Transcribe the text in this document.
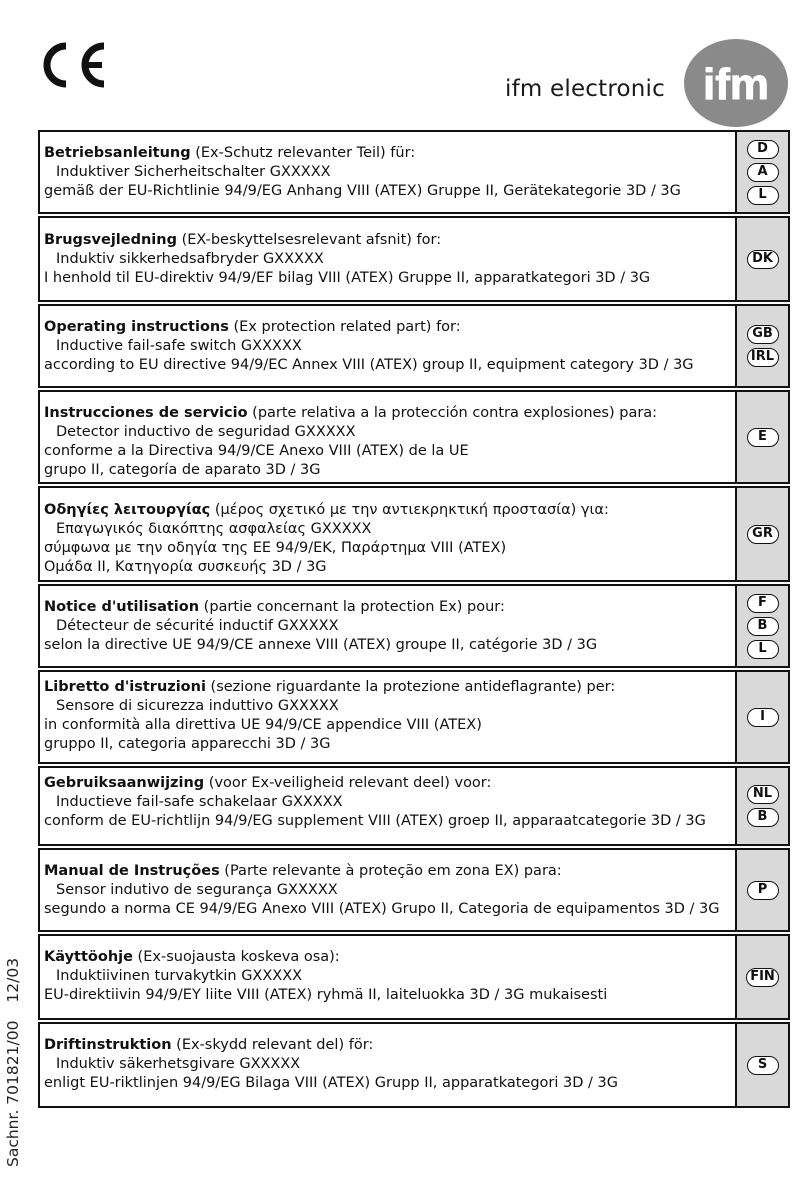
ifm electronic ifm
Sachnr. 701821/0012/03
Betriebsanleitung (Ex-Schutz relevanter Teil) für:
Induktiver Sicherheitschalter GXXXXX
gemäß der EU-Richtlinie 94/9/EG Anhang VIII (ATEX) Gruppe II, Gerätekategorie 3D / 3G
D
A
L
Brugsvejledning (EX-beskyttelsesrelevant afsnit) for:
Induktiv sikkerhedsafbryder GXXXXX
I henhold til EU-direktiv 94/9/EF bilag VIII (ATEX) Gruppe II, apparatkategori 3D / 3G
DK
Operating instructions (Ex protection related part) for:
Inductive fail-safe switch GXXXXX
according to EU directive 94/9/EC Annex VIII (ATEX) group II, equipment category 3D / 3G
GB
IRL
Instrucciones de servicio (parte relativa a la protección contra explosiones) para:
Detector inductivo de seguridad GXXXXX
conforme a la Directiva 94/9/CE Anexo VIII (ATEX) de la UE
grupo II, categoría de aparato 3D / 3G
E
Οδηγίες λειτουργίας (μέρος σχετικό με την αντιεκρηκτική προστασία) για:
Επαγωγικός διακόπτης ασφαλείας GXXXXX
σύμφωνα με την οδηγία της ΕΕ 94/9/ΕΚ, Παράρτημα VIII (ATEX)
Ομάδα II, Κατηγορία συσκευής 3D / 3G
GR
Notice d'utilisation (partie concernant la protection Ex) pour:
Détecteur de sécurité inductif GXXXXX
selon la directive UE 94/9/CE annexe VIII (ATEX) groupe II, catégorie 3D / 3G
F
B
L
Libretto d'istruzioni (sezione riguardante la protezione antideflagrante) per:
Sensore di sicurezza induttivo GXXXXX
in conformità alla direttiva UE 94/9/CE appendice VIII (ATEX)
gruppo II, categoria apparecchi 3D / 3G
I
Gebruiksaanwijzing (voor Ex-veiligheid relevant deel) voor:
Inductieve fail-safe schakelaar GXXXXX
conform de EU-richtlijn 94/9/EG supplement VIII (ATEX) groep II, apparaatcategorie 3D / 3G
NL
B
Manual de Instruções (Parte relevante à proteção em zona EX) para:
Sensor indutivo de segurança GXXXXX
segundo a norma CE 94/9/EG Anexo VIII (ATEX) Grupo II, Categoria de equipamentos 3D / 3G
P
Käyttöohje (Ex-suojausta koskeva osa):
Induktiivinen turvakytkin GXXXXX
EU-direktiivin 94/9/EY liite VIII (ATEX) ryhmä II, laiteluokka 3D / 3G mukaisesti
FIN
Driftinstruktion (Ex-skydd relevant del) för:
Induktiv säkerhetsgivare GXXXXX
enligt EU-riktlinjen 94/9/EG Bilaga VIII (ATEX) Grupp II, apparatkategori 3D / 3G
S
